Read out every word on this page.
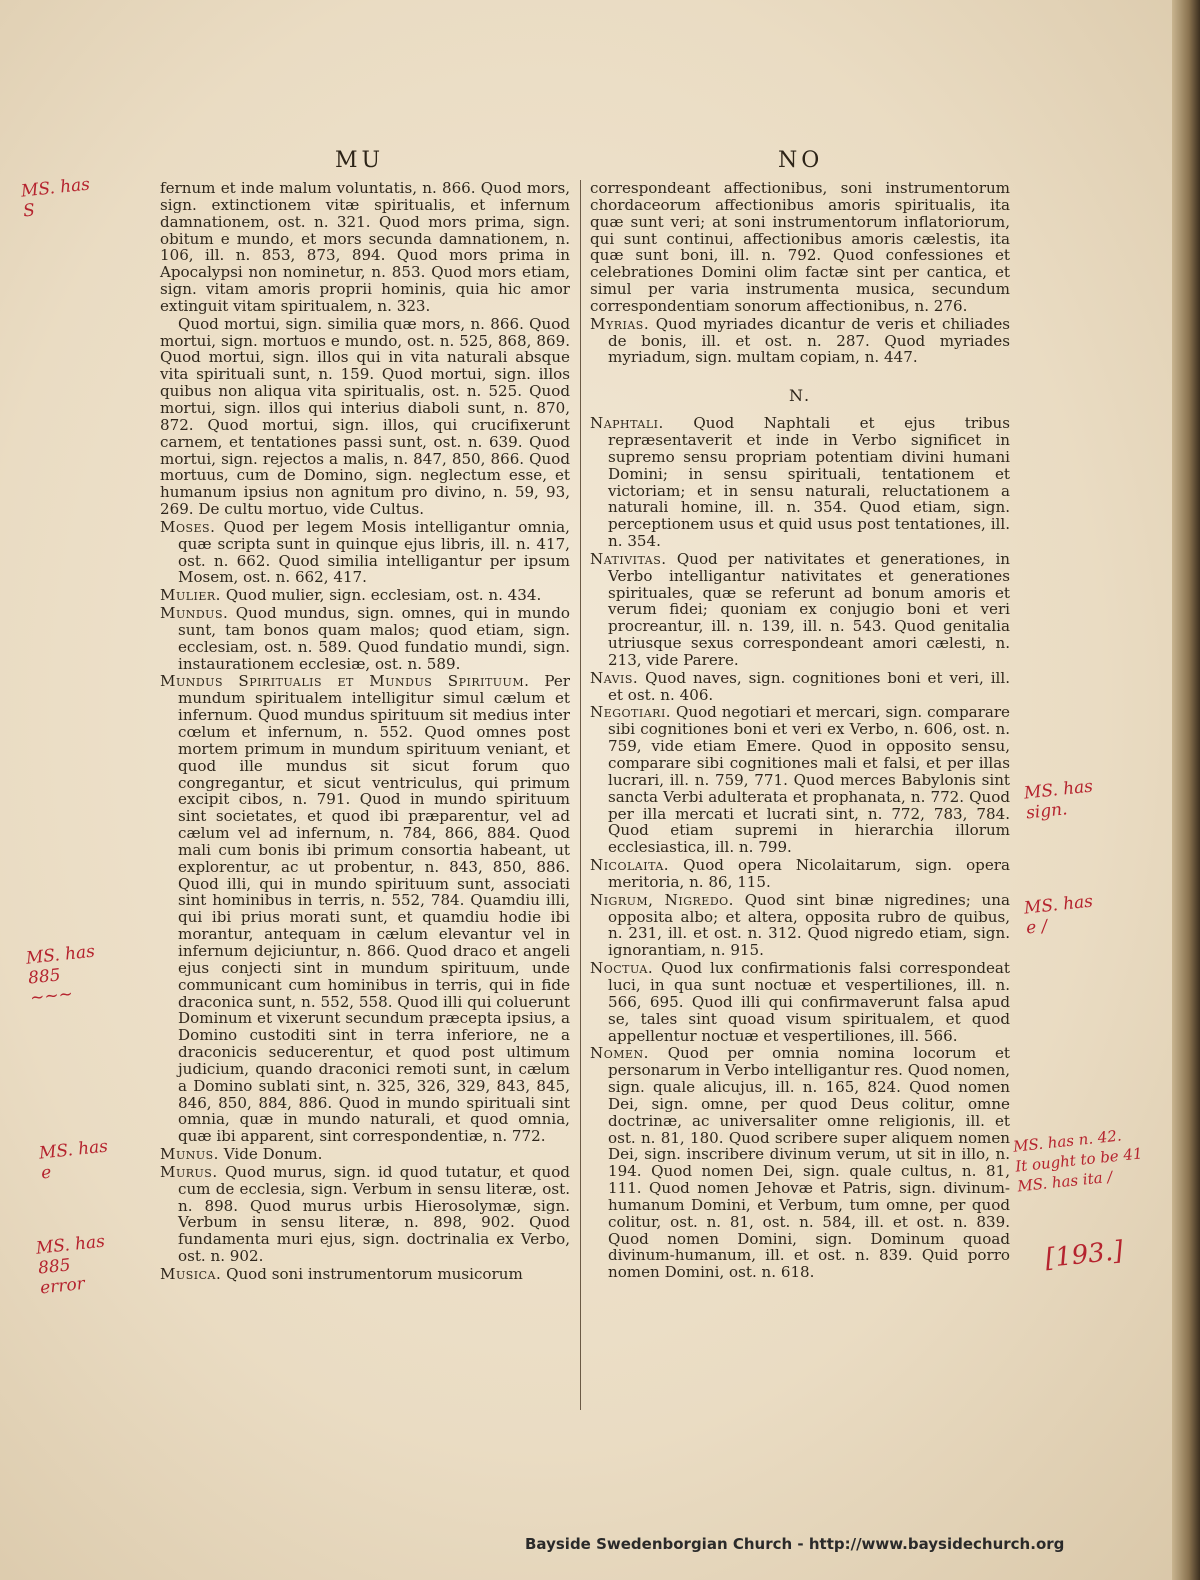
MU	NO
fernum et inde malum voluntatis, n. 866. Quod mors, sign. extinctionem vitæ spiritualis, et infernum damnationem, ost. n. 321. Quod mors prima, sign. obitum e mundo, et mors secunda damnationem, n. 106, ill. n. 853, 873, 894. Quod mors prima in Apocalypsi non nominetur, n. 853. Quod mors etiam, sign. vitam amoris proprii hominis, quia hic amor extinguit vitam spiritualem, n. 323.
Quod mortui, sign. similia quæ mors, n. 866. Quod mortui, sign. mortuos e mundo, ost. n. 525, 868, 869. Quod mortui, sign. illos qui in vita naturali absque vita spirituali sunt, n. 159. Quod mortui, sign. illos quibus non aliqua vita spiritualis, ost. n. 525. Quod mortui, sign. illos qui interius diaboli sunt, n. 870, 872. Quod mortui, sign. illos, qui crucifixerunt carnem, et tentationes passi sunt, ost. n. 639. Quod mortui, sign. rejectos a malis, n. 847, 850, 866. Quod mortuus, cum de Domino, sign. neglectum esse, et humanum ipsius non agnitum pro divino, n. 59, 93, 269. De cultu mortuo, vide Cultus.
Moses. Quod per legem Mosis intelligantur omnia, quæ scripta sunt in quinque ejus libris, ill. n. 417, ost. n. 662. Quod similia intelligantur per ipsum Mosem, ost. n. 662, 417.
Mulier. Quod mulier, sign. ecclesiam, ost. n. 434.
Mundus. Quod mundus, sign. omnes, qui in mundo sunt, tam bonos quam malos; quod etiam, sign. ecclesiam, ost. n. 589. Quod fundatio mundi, sign. instaurationem ecclesiæ, ost. n. 589.
Mundus Spiritualis et Mundus Spirituum. Per mundum spiritualem intelligitur simul cælum et infernum. Quod mundus spirituum sit medius inter cœlum et infernum, n. 552. Quod omnes post mortem primum in mundum spirituum veniant, et quod ille mundus sit sicut forum quo congregantur, et sicut ventriculus, qui primum excipit cibos, n. 791. Quod in mundo spirituum sint societates, et quod ibi præparentur, vel ad cælum vel ad infernum, n. 784, 866, 884. Quod mali cum bonis ibi primum consortia habeant, ut explorentur, ac ut probentur, n. 843, 850, 886. Quod illi, qui in mundo spirituum sunt, associati sint hominibus in terris, n. 552, 784. Quamdiu illi, qui ibi prius morati sunt, et quamdiu hodie ibi morantur, antequam in cælum elevantur vel in infernum dejiciuntur, n. 866. Quod draco et angeli ejus conjecti sint in mundum spirituum, unde communicant cum hominibus in terris, qui in fide draconica sunt, n. 552, 558. Quod illi qui coluerunt Dominum et vixerunt secundum præcepta ipsius, a Domino custoditi sint in terra inferiore, ne a draconicis seducerentur, et quod post ultimum judicium, quando draconici remoti sunt, in cælum a Domino sublati sint, n. 325, 326, 329, 843, 845, 846, 850, 884, 886. Quod in mundo spirituali sint omnia, quæ in mundo naturali, et quod omnia, quæ ibi apparent, sint correspondentiæ, n. 772.
Munus. Vide Donum.
Murus. Quod murus, sign. id quod tutatur, et quod cum de ecclesia, sign. Verbum in sensu literæ, ost. n. 898. Quod murus urbis Hierosolymæ, sign. Verbum in sensu literæ, n. 898, 902. Quod fundamenta muri ejus, sign. doctrinalia ex Verbo, ost. n. 902.
Musica. Quod soni instrumentorum musicorum
correspondeant affectionibus, soni instrumentorum chordaceorum affectionibus amoris spiritualis, ita quæ sunt veri; at soni instrumentorum inflatoriorum, qui sunt continui, affectionibus amoris cælestis, ita quæ sunt boni, ill. n. 792. Quod confessiones et celebrationes Domini olim factæ sint per cantica, et simul per varia instrumenta musica, secundum correspondentiam sonorum affectionibus, n. 276.
Myrias. Quod myriades dicantur de veris et chiliades de bonis, ill. et ost. n. 287. Quod myriades myriadum, sign. multam copiam, n. 447.
N.
Naphtali. Quod Naphtali et ejus tribus repræsentaverit et inde in Verbo significet in supremo sensu propriam potentiam divini humani Domini; in sensu spirituali, tentationem et victoriam; et in sensu naturali, reluctationem a naturali homine, ill. n. 354. Quod etiam, sign. perceptionem usus et quid usus post tentationes, ill. n. 354.
Nativitas. Quod per nativitates et generationes, in Verbo intelligantur nativitates et generationes spirituales, quæ se referunt ad bonum amoris et verum fidei; quoniam ex conjugio boni et veri procreantur, ill. n. 139, ill. n. 543. Quod genitalia utriusque sexus correspondeant amori cælesti, n. 213, vide Parere.
Navis. Quod naves, sign. cognitiones boni et veri, ill. et ost. n. 406.
Negotiari. Quod negotiari et mercari, sign. comparare sibi cognitiones boni et veri ex Verbo, n. 606, ost. n. 759, vide etiam Emere. Quod in opposito sensu, comparare sibi cognitiones mali et falsi, et per illas lucrari, ill. n. 759, 771. Quod merces Babylonis sint sancta Verbi adulterata et prophanata, n. 772. Quod per illa mercati et lucrati sint, n. 772, 783, 784. Quod etiam supremi in hierarchia illorum ecclesiastica, ill. n. 799.
Nicolaita. Quod opera Nicolaitarum, sign. opera meritoria, n. 86, 115.
Nigrum, Nigredo. Quod sint binæ nigredines; una opposita albo; et altera, opposita rubro de quibus, n. 231, ill. et ost. n. 312. Quod nigredo etiam, sign. ignorantiam, n. 915.
Noctua. Quod lux confirmationis falsi correspondeat luci, in qua sunt noctuæ et vespertiliones, ill. n. 566, 695. Quod illi qui confirmaverunt falsa apud se, tales sint quoad visum spiritualem, et quod appellentur noctuæ et vespertiliones, ill. 566.
Nomen. Quod per omnia nomina locorum et personarum in Verbo intelligantur res. Quod nomen, sign. quale alicujus, ill. n. 165, 824. Quod nomen Dei, sign. omne, per quod Deus colitur, omne doctrinæ, ac universaliter omne religionis, ill. et ost. n. 81, 180. Quod scribere super aliquem nomen Dei, sign. inscribere divinum verum, ut sit in illo, n. 194. Quod nomen Dei, sign. quale cultus, n. 81, 111. Quod nomen Jehovæ et Patris, sign. divinum-humanum Domini, et Verbum, tum omne, per quod colitur, ost. n. 81, ost. n. 584, ill. et ost. n. 839. Quod nomen Domini, sign. Dominum quoad divinum-humanum, ill. et ost. n. 839. Quid porro nomen Domini, ost. n. 618.
MS. has
S
MS. has
885
~~~
MS. has
e
MS. has
885
error
MS. has
sign.
MS. has
e /
MS. has n. 42.
It ought to be 41
MS. has ita /
[193.]
Bayside Swedenborgian Church - http://www.baysidechurch.org
